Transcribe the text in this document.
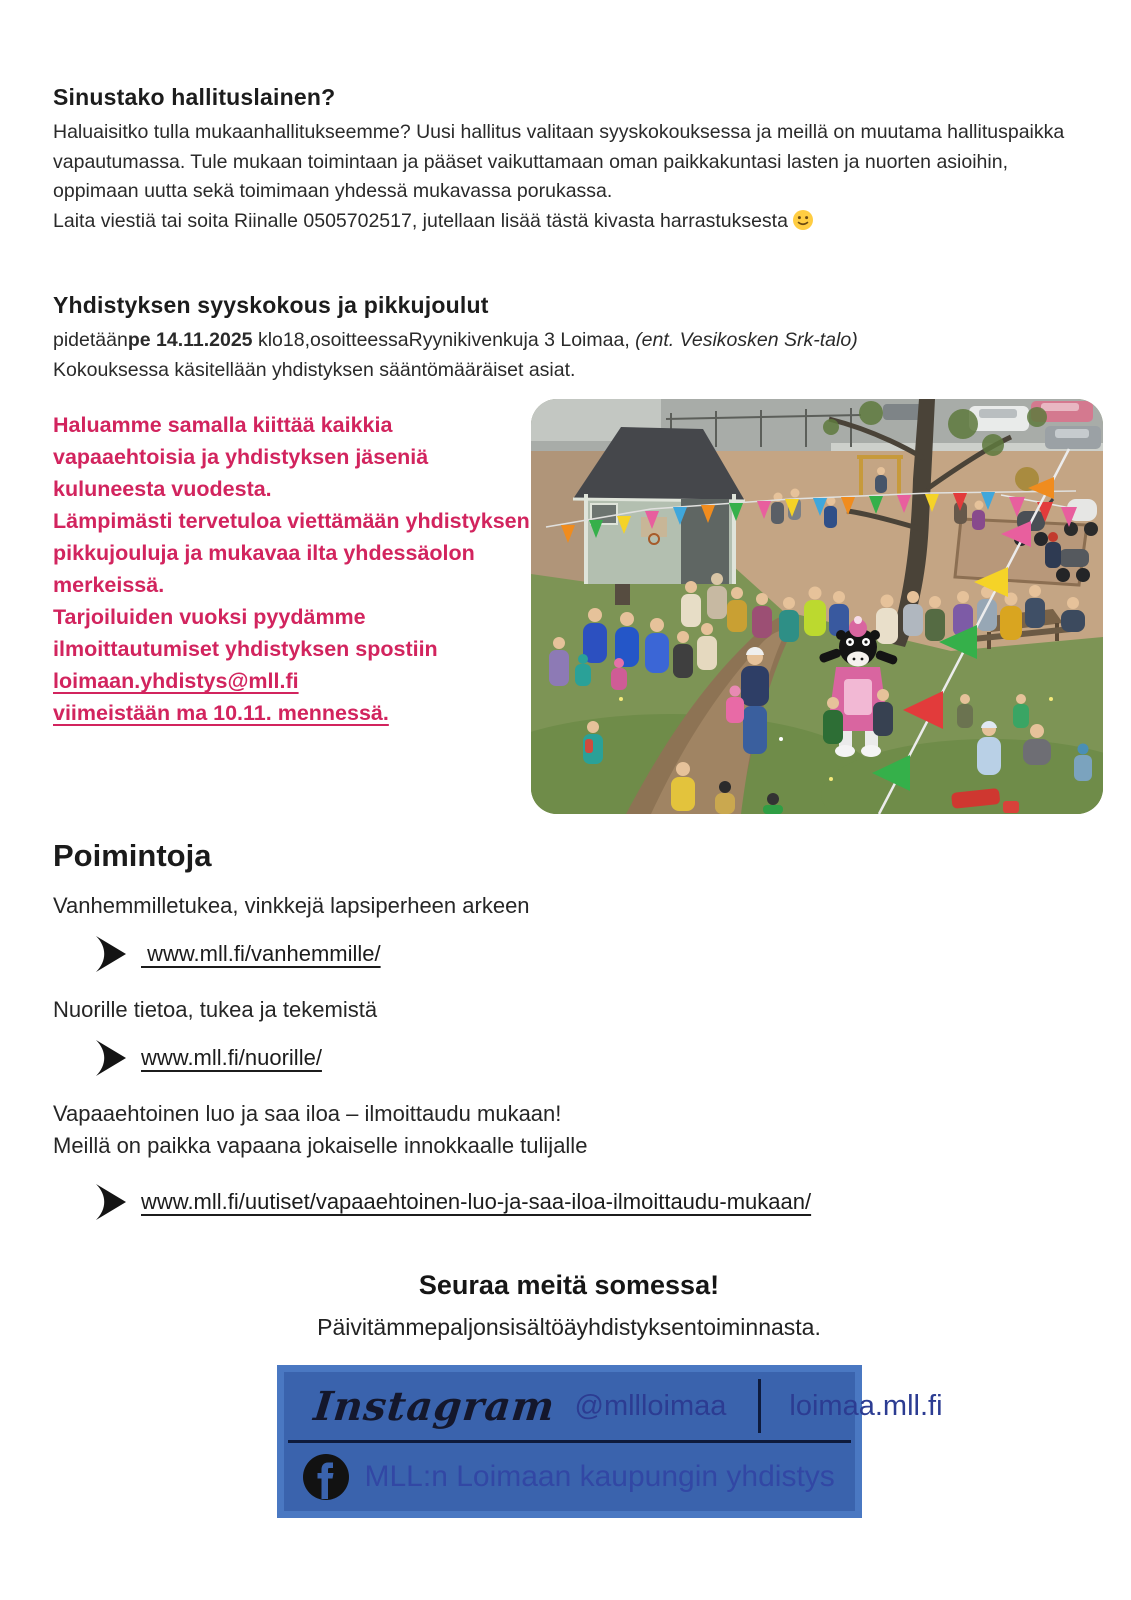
Sinustako hallituslainen?

Haluaisitko tulla mukaanhallitukseemme? Uusi hallitus valitaan syyskokouksessa ja meillä on muutama hallituspaikka vapautumassa. Tule mukaan toimintaan ja pääset vaikuttamaan oman paikkakuntasi lasten ja nuorten asioihin, oppimaan uutta sekä toimimaan yhdessä mukavassa porukassa.

Laita viestiä tai soita Riinalle 0505702517, jutellaan lisää tästä kivasta harrastuksesta

Yhdistyksen syyskokous ja pikkujoulut

pidetäänpe 14.11.2025 klo18,osoitteessaRyynikivenkuja 3 Loimaa, (ent. Vesikosken Srk-talo)

Kokouksessa käsitellään yhdistyksen sääntömääräiset asiat.

Haluamme samalla kiittää kaikkia vapaaehtoisia ja yhdistyksen jäseniä kuluneesta vuodesta.

Lämpimästi tervetuloa viettämään yhdistyksen pikkujouluja ja mukavaa ilta yhdessäolon merkeissä.

Tarjoiluiden vuoksi pyydämme ilmoittautumiset yhdistyksen spostiin

loimaan.yhdistys@mll.fi

viimeistään ma 10.11. mennessä.

Poimintoja

Vanhemmilletukea, vinkkejä lapsiperheen arkeen

www.mll.fi/vanhemmille/

Nuorille tietoa, tukea ja tekemistä

www.mll.fi/nuorille/

Vapaaehtoinen luo ja saa iloa – ilmoittaudu mukaan!

Meillä on paikka vapaana jokaiselle innokkaalle tulijalle

www.mll.fi/uutiset/vapaaehtoinen-luo-ja-saa-iloa-ilmoittaudu-mukaan/
Seuraa meitä somessa!

Päivitämmepaljonsisältöäyhdistyksentoiminnasta.

Instagram @mllloimaa loimaa.mll.fi
MLL:n Loimaan kaupungin yhdistys
